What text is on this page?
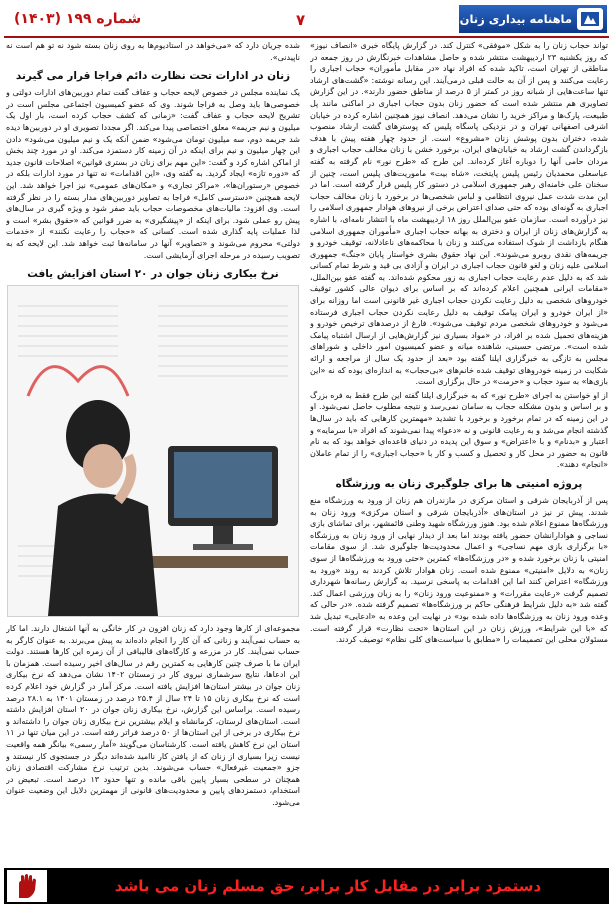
ماهنامه بیداری زنان
۷
شماره ۱۹۹ (۱۴۰۳)

تواند حجاب زنان را به شکل «موفقی» کنترل کند. در گزارش پایگاه خبری «انصاف نیوز» که روز یکشنبه ۲۳ اردیبهشت منتشر شده و حاصل مشاهدات خبرنگارش در روز جمعه در مناطقی از تهران است، تاکید شده که افراد نهاد «در مقابل مأموران» حجاب اجباری را رعایت می‌کنند و پس از آن به حالت قبلی درمی‌آیند. این رسانه نوشته: «گشت‌های ارشاد تنها ساعت‌هایی از شبانه روز در کمتر از ۵ درصد از مناطق حضور دارند». در این گزارش تصاویری هم منتشر شده است که حضور زنان بدون حجاب اجباری در اماکنی مانند پل طبیعت، پارک‌ها و مراکز خرید را نشان می‌دهد. انصاف نیوز همچنین اشاره کرده در خیابان اشرفی اصفهانی تهران و در نزدیکی پاسگاه پلیس که پوسترهای گشت ارشاد منصوب شده، دختران بدون پوشش زنان «مشروع» است. از حدود چهار هفته پیش با هدف بازگرداندن گشت ارشاد به خیابان‌های ایران، برخورد خشن با زنان مخالف حجاب اجباری و مردان حامی آنها را دوباره آغاز کرده‌اند. این طرح که «طرح نور» نام گرفته به گفته عباسعلی محمدیان رئیس پلیس پایتخت، «شاه بیت» ماموریت‌های پلیس است، چنین از سخنان علی خامنه‌ای رهبر جمهوری اسلامی در دستور کار پلیس قرار گرفته است. اما در این مدت شدت عمل نیروی انتظامی و لباس شخصی‌ها در برخورد با زنان مخالف حجاب اجباری به گونه‌ای بوده که حتی صدای اعتراض برخی از نیروهای هوادار جمهوری اسلامی را نیز درآورده است. سازمان عفو بین‌الملل روز ۱۸ اردیبهشت ماه با انتشار نامه‌ای، با اشاره به گزارش‌های زنان از ایران و دختری به بهانه حجاب اجباری «مأموران جمهوری اسلامی هنگام بازداشت از شوک استفاده می‌کنند و زنان با محاکمه‌های ناعادلانه، توقیف خودرو و جریمه‌های نقدی روبرو می‌شوند». این نهاد حقوق بشری خواستار پایان «جنگ» جمهوری اسلامی علیه زنان و لغو قانون حجاب اجباری در ایران و آزادی بی قید و شرط تمام کسانی شد که به دلیل عدم رعایت حجاب اجباری به زور محکوم شده‌اند. به گفته عفو بین‌الملل، «مقامات ایرانی همچنین اعلام کرده‌اند که بر اساس برای دیوان عالی کشور توقیف خودروهای شخصی به دلیل رعایت نکردن حجاب اجباری غیر قانونی است اما روزانه برای «از ایران خودرو و ایران پیامک توقیف به دلیل رعایت نکردن حجاب اجباری فرستاده می‌شود و خودروهای شخصی مردم توقیف می‌شود». فارغ از درصدهای ترخیص خودرو و هزینه‌های تحمیل شده بر افراد، در «مواد بسیاری نیز گزارش‌هایی از ارسال اشتباه پیامک شده است». مرتضی حسینی، شاهنده میانه و عضو کمیسیون امور داخلی و شوراهای مجلس به تازگی به خبرگزاری ایلنا گفته بود «بعد از حدود یک سال از مراجعه و ارائه شکایت در زمینه خودروهای توقیف شده خانم‌های «بی‌حجاب» به اندازه‌ای بوده که نه «این بازی‌ها» به سود حجاب و «حرمت» در حال برگزاری است.

از او خواستن به اجرای «طرح نور» که به خبرگزاری ایلنا گفته این طرح فقط به فره بزرگ و بر اساس و بدون مشکله حجاب به سامان نمی‌رسد و نتیجه مطلوب حاصل نمی‌شود. او در این زمینه که در تمام برخورد و برخورد با تشدید «مهمترین کارهایی که باید در سال‌ها گذشته انجام می‌شد و به رعایت قانونی و نه «دعوا» پیدا نمی‌شوند که افراد «با سرمایه» و اعتبار و «بدنام» و با «اعتراض» و سوق این پدیده در دنیای قاعده‌ای خواهد بود که به نام قانون به حضور در محل کار و تحصیل و کسب و کار با «حجاب اجباری» را از تمام عاملان «انجام» دهند».

پروژه امنیتی ها برای جلوگیری زنان به ورزشگاه

پس از آذربایجان شرقی و استان مرکزی در مازندران هم زنان از ورود به ورزشگاه منع شدند. پیش تر نیز در استان‌های «آذربایجان شرقی و استان مرکزی» ورود زنان به ورزشگاه‌ها ممنوع اعلام شده بود. هنوز ورزشگاه شهید وطنی قائمشهر، برای تماشای بازی نساجی و هوادارانشان حضور یافته بودند اما بعد از دیدار نهایی از ورود زنان به ورزشگاه «با برگزاری بازی مهم نساجی» و اعمال محدودیت‌ها جلوگیری شد. از سوی مقامات امنیتی با زنان برخورد شده و «در ورزشگاه‌ها» کمترین «حتی ورود به ورزشگاه‌ها از سوی زنان» به دلایل «امنیتی» ممنوع شده است. زنان هوادار تلاش کردند به روند «ورود به ورزشگاه» اعتراض کنند اما این اقدامات به پاسخی نرسید. به گزارش رسانه‌ها شهرداری تصمیم گرفت «رعایت مقررات» و «ممنوعیت ورود زنان» را به زبان ورزشی اعمال کند. گفته شد «به دلیل شرایط فرهنگی حاکم بر ورزشگاه‌ها» تصمیم گرفته شده. «در حالی که وعده ورود زنان به ورزشگاه‌ها داده شده بود» در نهایت این وعده به «ادعایی» تبدیل شد که «با این شرایط»، ورزش زنان در این استان‌ها «تحت نظارت» قرار گرفته است. مسئولان محلی این تصمیمات را «مطابق با سیاست‌های کلی نظام» توصیف کردند.

شده جریان دارد که «می‌خواهد در استادیوم‌ها به روی زنان بسته شود نه تو هم است نه ناپیدنی».

زنان در ادارات تحت نظارت دائم فراجا قرار می گیرند

یک نماینده مجلس در خصوص لایحه حجاب و عفاف گفت تمام دوربین‌های ادارات دولتی و خصوصی‌ها باید وصل به فراجا شوند. وی که عضو کمیسیون اجتماعی مجلس است در تشریح لایحه حجاب و عفاف گفت: «زمانی که کشف حجاب کرده است، بار اول یک میلیون و نیم جریمه» معلق اختصاصی پیدا می‌کند. اگر مجددا تصویری او در دوربین‌ها دیده شد جریمه دوم، سه میلیون تومان می‌شود» ضمن آنکه یک و نیم میلیون می‌شود» دادن این چهار میلیون و نیم برای اینکه در آن زمینه کار دستمزد می‌کند. او در مورد چند بخش از اماکن اشاره کرد و گفت: «این مهم برای زنان در بستری قوانین» اصلاحات قانون جدید که «دوره تازه» ایجاد گردید. به گفته وی، «این اقدامات» نه تنها در مورد ادارات بلکه در خصوص «رستوران‌ها»، «مراکز تجاری» و «مکان‌های عمومی» نیز اجرا خواهد شد. این لایحه همچنین «دسترسی کامل» فراجا به تصاویر دوربین‌های مدار بسته را در نظر گرفته است. وی افزود: مالیات‌های مخصوصات حجاب باید صفر شود و ویژه گیری در سال‌های پیش رو عملی شود. برای اینکه از «پیشگیری» به ضرر قوانین که «حقوق بشر» است و لذا عملیات پایه گذاری شده است. کسانی که «حجاب را رعایت نکنند» از «خدمات دولتی» محروم می‌شوند و «تصاویر» آنها در سامانه‌ها ثبت خواهد شد. این لایحه که به تصویب رسیده در مرحله اجرای آزمایشی است.

نرخ بیکاری زنان جوان در ۲۰ استان افزایش یافت

مجموعه‌ای از کارها وجود دارد که زنان افزون در کار خانگی به آنها اشتغال دارند. اما کار به حساب نمی‌آیند و زنانی که آن کار را انجام داده‌اند به پیش می‌برند. به عنوان کارگر به حساب نمی‌آیند. کار در مزرعه و کارگاه‌های قالیبافی از آن زمره این کارها هستند. دولت ایران ما با صرف چنین کارهایی به کمترین رقم در سال‌های اخیر رسیده است. همزمان با این ادعاها، نتایج سرشماری نیروی کار در زمستان ۱۴۰۲ نشان می‌دهد که نرخ بیکاری زنان جوان در بیشتر استان‌ها افزایش یافته است. مرکز آمار در گزارش خود اعلام کرده است که نرخ بیکاری زنان ۱۵ تا ۲۴ سال از ۲۵.۴ درصد در زمستان ۱۴۰۱ به ۲۸.۱ درصد رسیده است. براساس این گزارش، نرخ بیکاری زنان جوان در ۲۰ استان افزایش داشته است. استان‌های لرستان، کرمانشاه و ایلام بیشترین نرخ بیکاری زنان جوان را داشته‌اند و نرخ بیکاری در برخی از این استان‌ها از ۵۰ درصد فراتر رفته است. در این میان تنها در ۱۱ استان این نرخ کاهش یافته است. کارشناسان می‌گویند «آمار رسمی» بیانگر همه واقعیت نیست زیرا بسیاری از زنان که از یافتن کار ناامید شده‌اند دیگر در جستجوی کار نیستند و جزو «جمعیت غیرفعال» حساب می‌شوند. بدین ترتیب نرخ مشارکت اقتصادی زنان همچنان در سطحی بسیار پایین باقی مانده و تنها حدود ۱۳ درصد است. تبعیض در استخدام، دستمزدهای پایین و محدودیت‌های قانونی از مهمترین دلایل این وضعیت عنوان می‌شود.

دستمزد برابر در مقابل کار برابر، حق مسلم زنان می باشد
